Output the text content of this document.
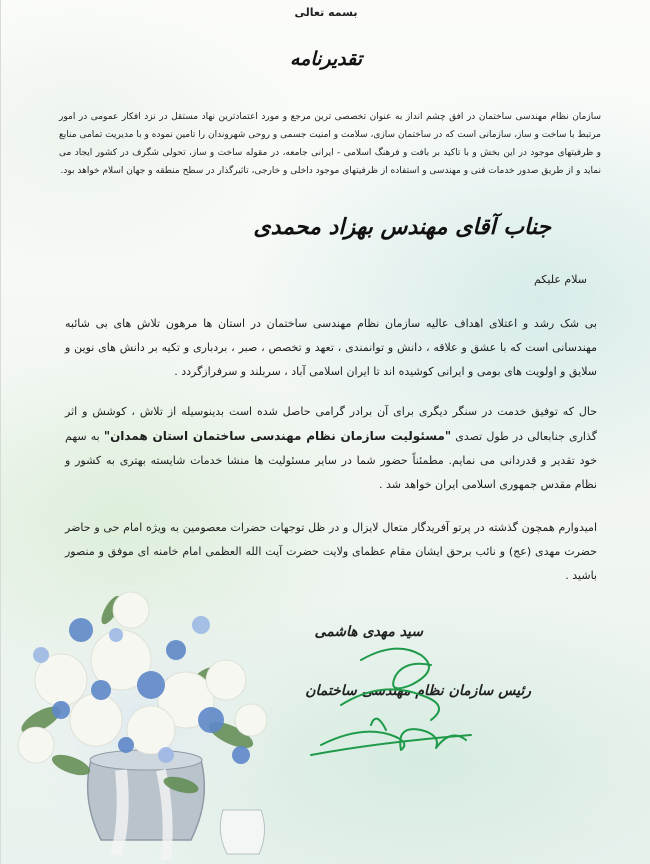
بسمه تعالی
تقدیرنامه
سازمان نظام مهندسی ساختمان در افق چشم انداز به عنوان تخصصی ترین مرجع و مورد اعتمادترین نهاد مستقل در نزد افکار عمومی در امور مرتبط با ساخت و ساز، سازمانی است که در ساختمان سازی، سلامت و امنیت جسمی و روحی شهروندان را تامین نموده و با مدیریت تمامی منابع و ظرفیتهای موجود در این بخش و با تاکید بر بافت و فرهنگ اسلامی - ایرانی جامعه، در مقوله ساخت و ساز، تحولی شگرف در کشور ایجاد می نماید و از طریق صدور خدمات فنی و مهندسی و استفاده از ظرفیتهای موجود داخلی و خارجی، تاثیرگذار در سطح منطقه و جهان اسلام خواهد بود.
جناب آقای مهندس بهزاد محمدی
سلام علیکم
بی شک رشد و اعتلای اهداف عالیه سازمان نظام مهندسی ساختمان در استان ها مرهون تلاش های بی شائبه مهندسانی است که با عشق و علاقه ، دانش و توانمندی ، تعهد و تخصص ، صبر ، بردباری و تکیه بر دانش های نوین و سلایق و اولویت های بومی و ایرانی کوشیده اند تا ایران اسلامی آباد ، سربلند و سرفرازگردد .
حال که توفیق خدمت در سنگر دیگری برای آن برادر گرامی حاصل شده است بدینوسیله از تلاش ، کوشش و اثر گذاری جنابعالی در طول تصدی "مسئولیت سازمان نظام مهندسی ساختمان استان همدان" به سهم خود تقدیر و قدردانی می نمایم. مطمئناً حضور شما در سایر مسئولیت ها منشا خدمات شایسته بهتری به کشور و نظام مقدس جمهوری اسلامی ایران خواهد شد .
امیدوارم همچون گذشته در پرتو آفریدگار متعال لایزال و در ظل توجهات حضرات معصومین به ویژه امام حی و حاضر حضرت مهدی (عج) و نائب برحق ایشان مقام عظمای ولایت حضرت آیت الله العظمی امام خامنه ای موفق و منصور باشید .
سید مهدی هاشمی
رئیس سازمان نظام مهندسی ساختمان
